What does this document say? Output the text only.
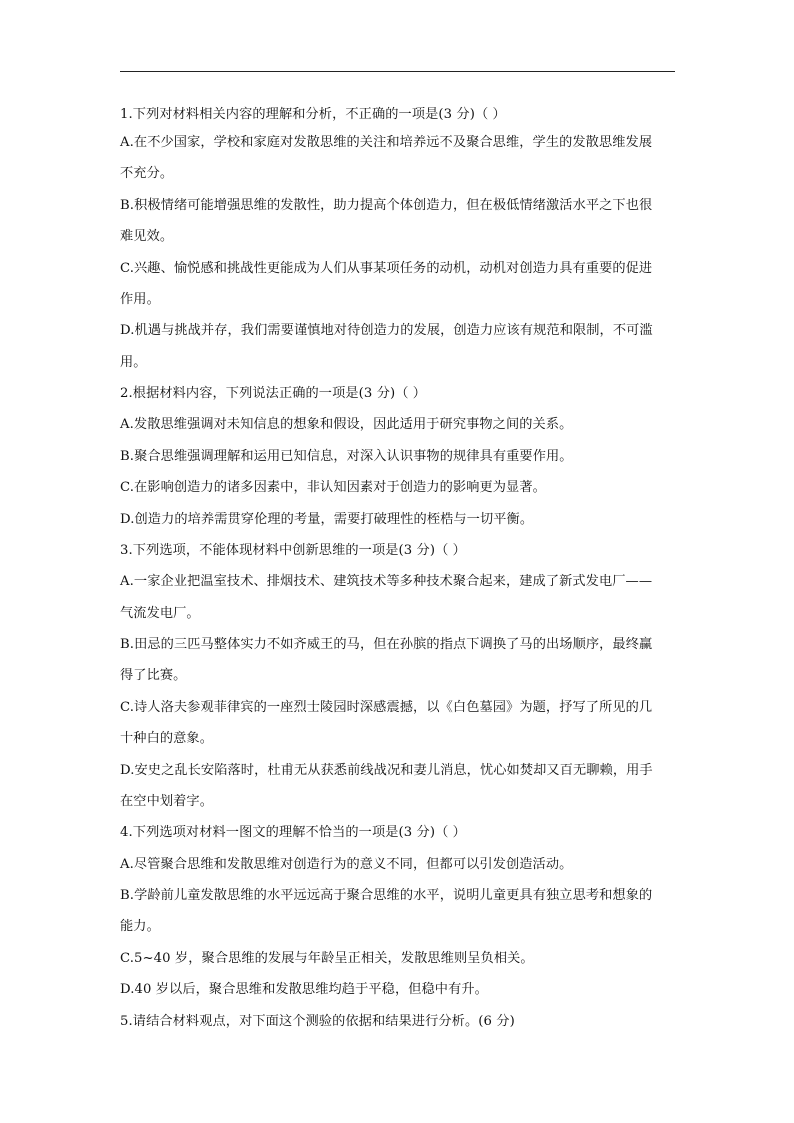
1.下列对材料相关内容的理解和分析，不正确的一项是(3 分)（ ）
A.在不少国家，学校和家庭对发散思维的关注和培养远不及聚合思维，学生的发散思维发展
不充分。
B.积极情绪可能增强思维的发散性，助力提高个体创造力，但在极低情绪激活水平之下也很
难见效。
C.兴趣、愉悦感和挑战性更能成为人们从事某项任务的动机，动机对创造力具有重要的促进
作用。
D.机遇与挑战并存，我们需要谨慎地对待创造力的发展，创造力应该有规范和限制，不可滥
用。
2.根据材料内容，下列说法正确的一项是(3 分)（ ）
A.发散思维强调对未知信息的想象和假设，因此适用于研究事物之间的关系。
B.聚合思维强调理解和运用已知信息，对深入认识事物的规律具有重要作用。
C.在影响创造力的诸多因素中，非认知因素对于创造力的影响更为显著。
D.创造力的培养需贯穿伦理的考量，需要打破理性的桎梏与一切平衡。
3.下列选项，不能体现材料中创新思维的一项是(3 分)（ ）
A.一家企业把温室技术、排烟技术、建筑技术等多种技术聚合起来，建成了新式发电厂——
气流发电厂。
B.田忌的三匹马整体实力不如齐威王的马，但在孙膑的指点下调换了马的出场顺序，最终赢
得了比赛。
C.诗人洛夫参观菲律宾的一座烈士陵园时深感震撼，以《白色墓园》为题，抒写了所见的几
十种白的意象。
D.安史之乱长安陷落时，杜甫无从获悉前线战况和妻儿消息，忧心如焚却又百无聊赖，用手
在空中划着字。
4.下列选项对材料一图文的理解不恰当的一项是(3 分)（ ）
A.尽管聚合思维和发散思维对创造行为的意义不同，但都可以引发创造活动。
B.学龄前儿童发散思维的水平远远高于聚合思维的水平，说明儿童更具有独立思考和想象的
能力。
C.5~40 岁，聚合思维的发展与年龄呈正相关，发散思维则呈负相关。
D.40 岁以后，聚合思维和发散思维均趋于平稳，但稳中有升。
5.请结合材料观点，对下面这个测验的依据和结果进行分析。(6 分)
